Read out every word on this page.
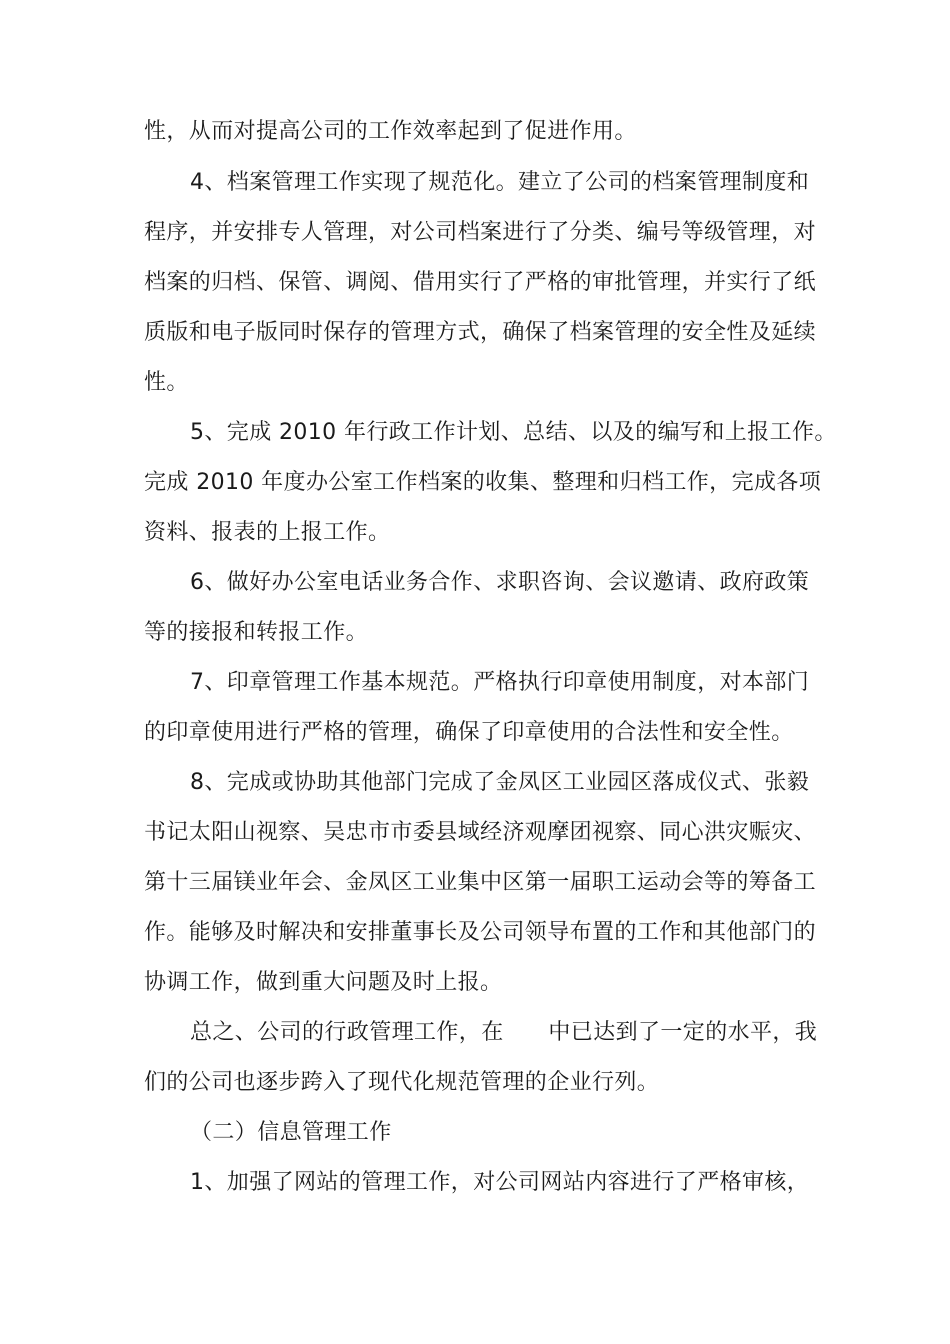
性，从而对提高公司的工作效率起到了促进作用。

4、档案管理工作实现了规范化。建立了公司的档案管理制度和

程序，并安排专人管理，对公司档案进行了分类、编号等级管理，对

档案的归档、保管、调阅、借用实行了严格的审批管理，并实行了纸

质版和电子版同时保存的管理方式，确保了档案管理的安全性及延续

性。

5、完成 2010 年行政工作计划、总结、以及的编写和上报工作。

完成 2010 年度办公室工作档案的收集、整理和归档工作，完成各项

资料、报表的上报工作。

6、做好办公室电话业务合作、求职咨询、会议邀请、政府政策

等的接报和转报工作。

7、印章管理工作基本规范。严格执行印章使用制度，对本部门

的印章使用进行严格的管理，确保了印章使用的合法性和安全性。

8、完成或协助其他部门完成了金凤区工业园区落成仪式、张毅

书记太阳山视察、吴忠市市委县域经济观摩团视察、同心洪灾赈灾、

第十三届镁业年会、金凤区工业集中区第一届职工运动会等的筹备工

作。能够及时解决和安排董事长及公司领导布置的工作和其他部门的

协调工作，做到重大问题及时上报。

总之、公司的行政管理工作，在　　中已达到了一定的水平，我

们的公司也逐步跨入了现代化规范管理的企业行列。

（二）信息管理工作

1、加强了网站的管理工作，对公司网站内容进行了严格审核，
